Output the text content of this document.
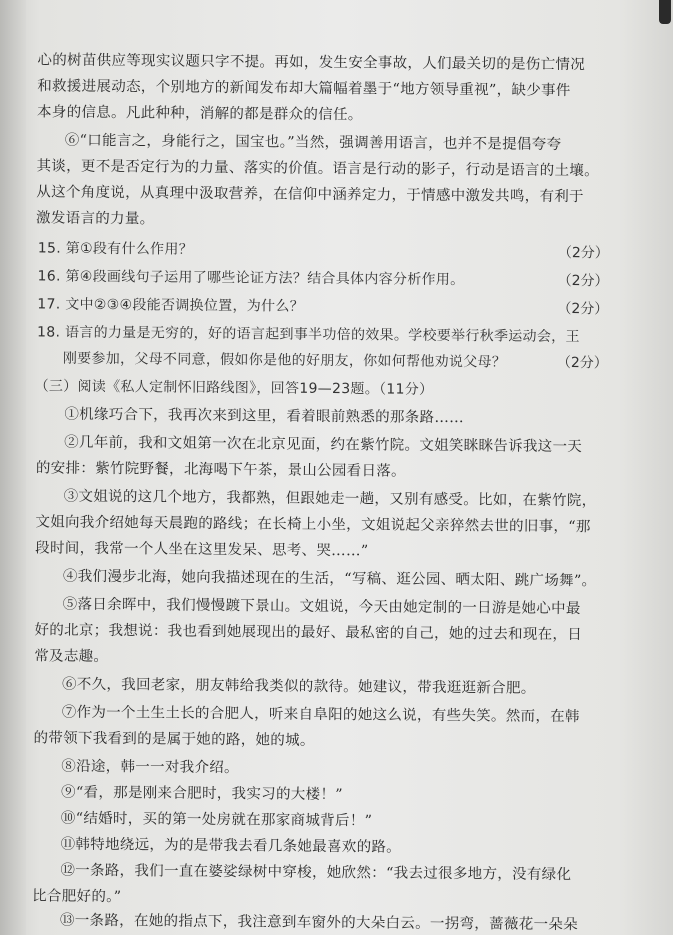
心的树苗供应等现实议题只字不提。再如，发生安全事故，人们最关切的是伤亡情况
和救援进展动态，个别地方的新闻发布却大篇幅着墨于“地方领导重视”，缺少事件
本身的信息。凡此种种，消解的都是群众的信任。
⑥“口能言之，身能行之，国宝也。”当然，强调善用语言，也并不是提倡夸夸
其谈，更不是否定行为的力量、落实的价值。语言是行动的影子，行动是语言的土壤。
从这个角度说，从真理中汲取营养，在信仰中涵养定力，于情感中激发共鸣，有利于
激发语言的力量。
15. 第①段有什么作用？	（2分）
16. 第④段画线句子运用了哪些论证方法？结合具体内容分析作用。	（2分）
17. 文中②③④段能否调换位置，为什么？	（2分）
18. 语言的力量是无穷的，好的语言起到事半功倍的效果。学校要举行秋季运动会，王
刚要参加，父母不同意，假如你是他的好朋友，你如何帮他劝说父母？	（2分）
（三）阅读《私人定制怀旧路线图》，回答19—23题。（11分）
①机缘巧合下，我再次来到这里，看着眼前熟悉的那条路……
②几年前，我和文姐第一次在北京见面，约在紫竹院。文姐笑眯眯告诉我这一天
的安排：紫竹院野餐，北海喝下午茶，景山公园看日落。
③文姐说的这几个地方，我都熟，但跟她走一趟，又别有感受。比如，在紫竹院，
文姐向我介绍她每天晨跑的路线；在长椅上小坐，文姐说起父亲猝然去世的旧事，“那
段时间，我常一个人坐在这里发呆、思考、哭……”
④我们漫步北海，她向我描述现在的生活，“写稿、逛公园、晒太阳、跳广场舞”。
⑤落日余晖中，我们慢慢踱下景山。文姐说，今天由她定制的一日游是她心中最
好的北京；我想说：我也看到她展现出的最好、最私密的自己，她的过去和现在，日
常及志趣。
⑥不久，我回老家，朋友韩给我类似的款待。她建议，带我逛逛新合肥。
⑦作为一个土生土长的合肥人，听来自阜阳的她这么说，有些失笑。然而，在韩
的带领下我看到的是属于她的路，她的城。
⑧沿途，韩一一对我介绍。
⑨“看，那是刚来合肥时，我实习的大楼！”
⑩“结婚时，买的第一处房就在那家商城背后！”
⑪韩特地绕远，为的是带我去看几条她最喜欢的路。
⑫一条路，我们一直在婆娑绿树中穿梭，她欣然：“我去过很多地方，没有绿化
比合肥好的。”
⑬一条路，在她的指点下，我注意到车窗外的大朵白云。一拐弯，蔷薇花一朵朵
